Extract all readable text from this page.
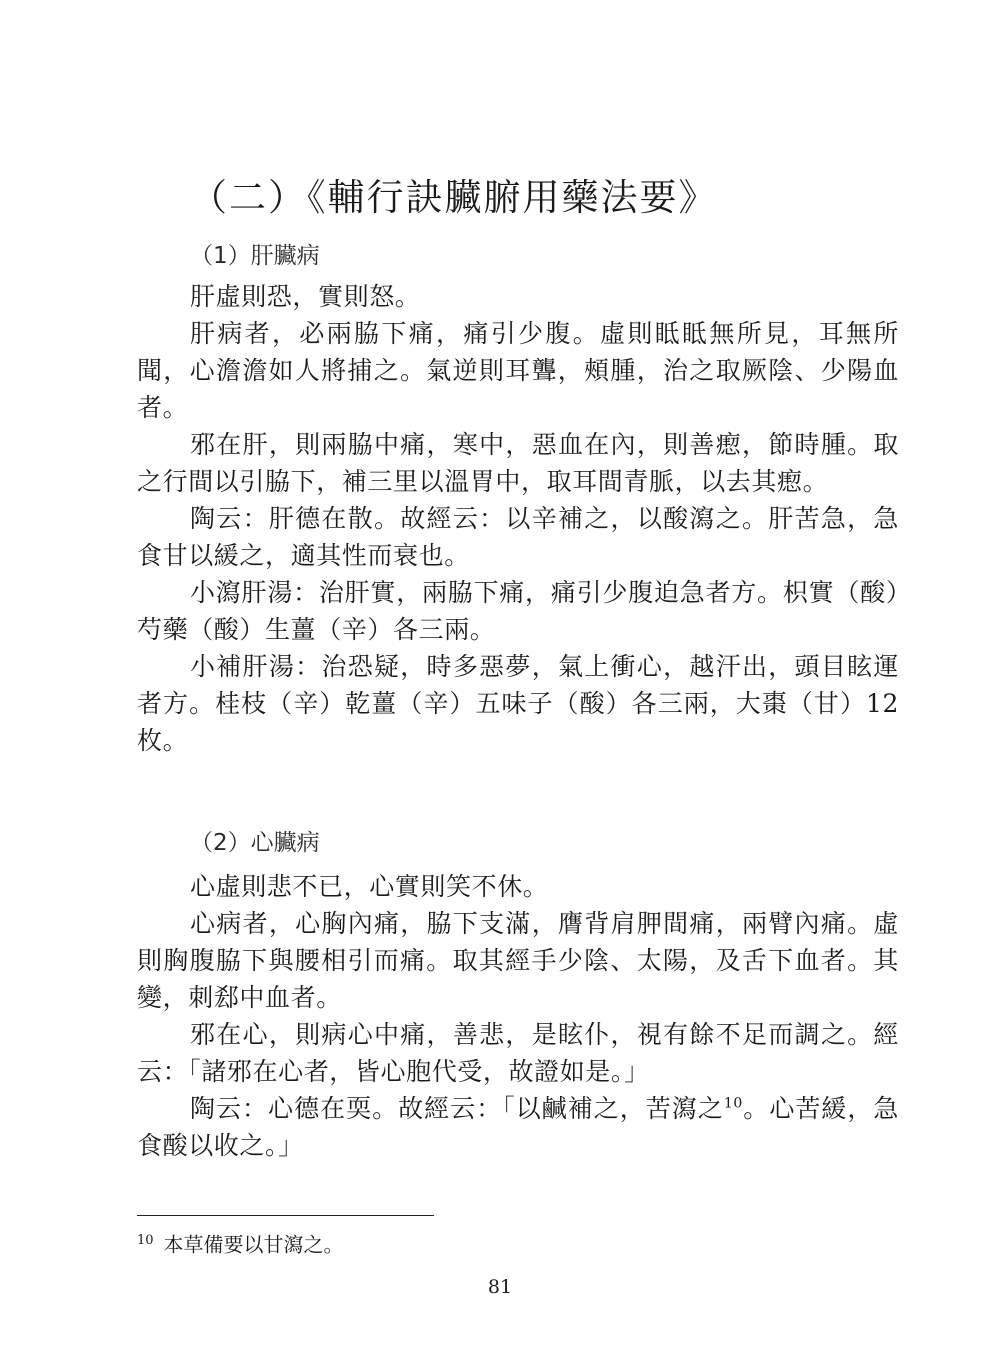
（二）《輔行訣臟腑用藥法要》
（1）肝臟病

肝虛則恐，實則怒。

肝病者，必兩脇下痛，痛引少腹。虛則眡眡無所見，耳無所聞，心澹澹如人將捕之。氣逆則耳聾，頰腫，治之取厥陰、少陽血者。

邪在肝，則兩脇中痛，寒中，惡血在內，則善瘛，節時腫。取之行間以引脇下，補三里以溫胃中，取耳間青脈，以去其瘛。

陶云：肝德在散。故經云：以辛補之，以酸瀉之。肝苦急，急食甘以緩之，適其性而衰也。

小瀉肝湯：治肝實，兩脇下痛，痛引少腹迫急者方。枳實（酸）芍藥（酸）生薑（辛）各三兩。

小補肝湯：治恐疑，時多惡夢，氣上衝心，越汗出，頭目眩運者方。桂枝（辛）乾薑（辛）五味子（酸）各三兩，大棗（甘）12枚。

（2）心臟病

心虛則悲不已，心實則笑不休。

心病者，心胸內痛，脇下支滿，膺背肩胛間痛，兩臂內痛。虛則胸腹脇下與腰相引而痛。取其經手少陰、太陽，及舌下血者。其變，刺郄中血者。

邪在心，則病心中痛，善悲，是眩仆，視有餘不足而調之。經云：「諸邪在心者，皆心胞代受，故證如是。」

陶云：心德在耎。故經云：「以鹹補之，苦瀉之$^{10}$。心苦緩，急食酸以收之。」

$^{10}$ 本草備要以甘瀉之。
81
